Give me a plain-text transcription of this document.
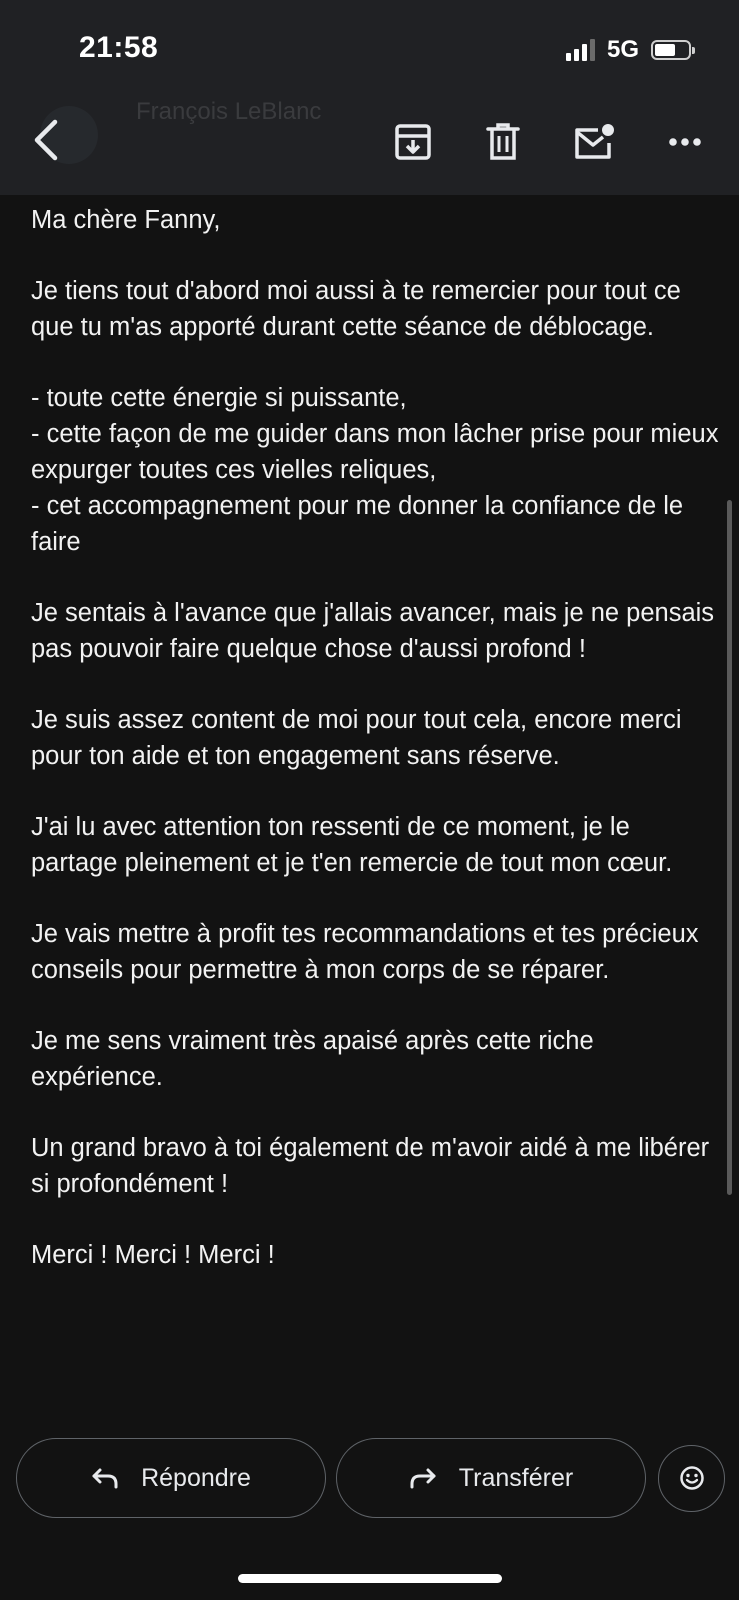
François LeBlanc
21:58	5G

Ma chère Fanny,

Je tiens tout d'abord moi aussi à te remercier pour tout ce que tu m'as apporté durant cette séance de déblocage.

- toute cette énergie si puissante,
- cette façon de me guider dans mon lâcher prise pour mieux expurger toutes ces vielles reliques,
- cet accompagnement pour me donner la confiance de le faire

Je sentais à l'avance que j'allais avancer, mais je ne pensais pas pouvoir faire quelque chose d'aussi profond !

Je suis assez content de moi pour tout cela, encore merci pour ton aide et ton engagement sans réserve.

J'ai lu avec attention ton ressenti de ce moment, je le partage pleinement et je t'en remercie de tout mon cœur.

Je vais mettre à profit tes recommandations et tes précieux conseils pour permettre à mon corps de se réparer.

Je me sens vraiment très apaisé après cette riche expérience.

Un grand bravo à toi également de m'avoir aidé à me libérer si profondément !

Merci ! Merci ! Merci !

Répondre	Transférer
